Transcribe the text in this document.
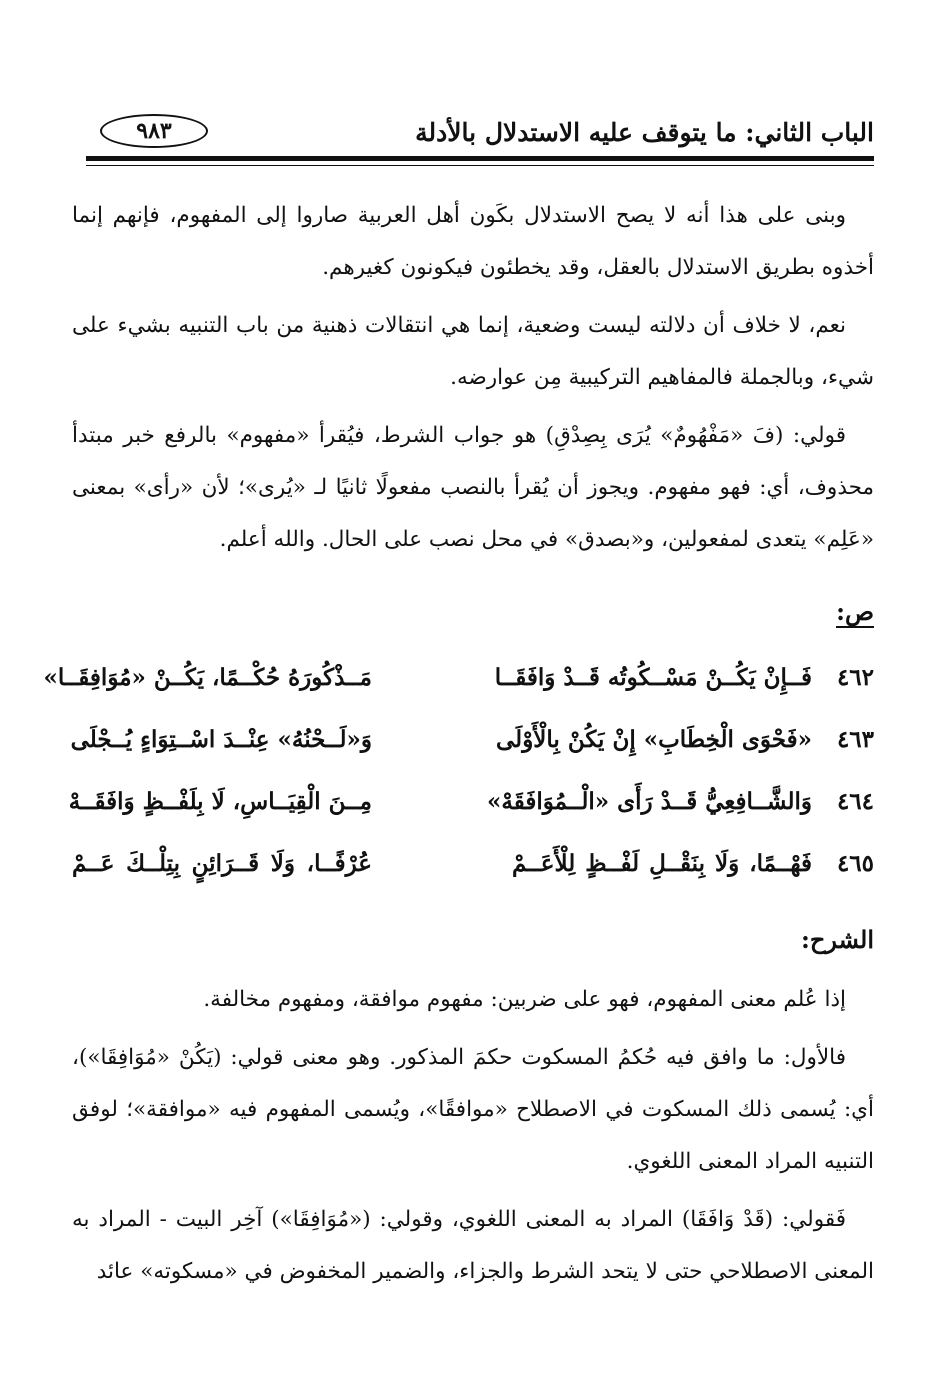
الباب الثاني: ما يتوقف عليه الاستدلال بالأدلة
٩٨٣

وبنى على هذا أنه لا يصح الاستدلال بكَون أهل العربية صاروا إلى المفهوم، فإنهم إنما أخذوه بطريق الاستدلال بالعقل، وقد يخطئون فيكونون كغيرهم.

نعم، لا خلاف أن دلالته ليست وضعية، إنما هي انتقالات ذهنية من باب التنبيه بشيء على شيء، وبالجملة فالمفاهيم التركيبية مِن عوارضه.

قولي: (فَ «مَفْهُومٌ» يُرَى بِصِدْقِ) هو جواب الشرط، فيُقرأ «مفهوم» بالرفع خبر مبتدأ محذوف، أي: فهو مفهوم. ويجوز أن يُقرأ بالنصب مفعولًا ثانيًا لـ «يُرى»؛ لأن «رأى» بمعنى «عَلِم» يتعدى لمفعولين، و«بصدق» في محل نصب على الحال. والله أعلم.

ص:
٤٦٢
فَــإِنْ يَكُــنْ مَسْــكُوتُه قَــدْ وَافَقَــا
مَــذْكُورَهُ حُكْــمًا، يَكُــنْ «مُوَافِقَــا»
٤٦٣
«فَحْوَى الْخِطَابِ» إِنْ يَكُنْ بِالْأَوْلَى
وَ«لَــحْنُهُ» عِنْــدَ اسْــتِوَاءٍ يُــجْلَى
٤٦٤
وَالشَّــافِعِيُّ قَــدْ رَأَى «الْــمُوَافَقَهْ»
مِــنَ الْقِيَــاسِ، لَا بِلَفْــظٍ وَافَقَــهْ
٤٦٥
فَهْــمًا، وَلَا بِنَقْــلِ لَفْــظٍ لِلْأَعَــمْ
عُرْفًــا، وَلَا قَــرَائِنٍ بِتِلْــكَ عَــمْ
الشرح:

إذا عُلم معنى المفهوم، فهو على ضربين: مفهوم موافقة، ومفهوم مخالفة.

فالأول: ما وافق فيه حُكمُ المسكوت حكمَ المذكور. وهو معنى قولي: (يَكُنْ «مُوَافِقَا»)، أي: يُسمى ذلك المسكوت في الاصطلاح «موافقًا»، ويُسمى المفهوم فيه «موافقة»؛ لوفق التنبيه المراد المعنى اللغوي.

فَقولي: (قَدْ وَافَقَا) المراد به المعنى اللغوي، وقولي: («مُوَافِقَا») آخِر البيت - المراد به المعنى الاصطلاحي حتى لا يتحد الشرط والجزاء، والضمير المخفوض في «مسكوته» عائد
